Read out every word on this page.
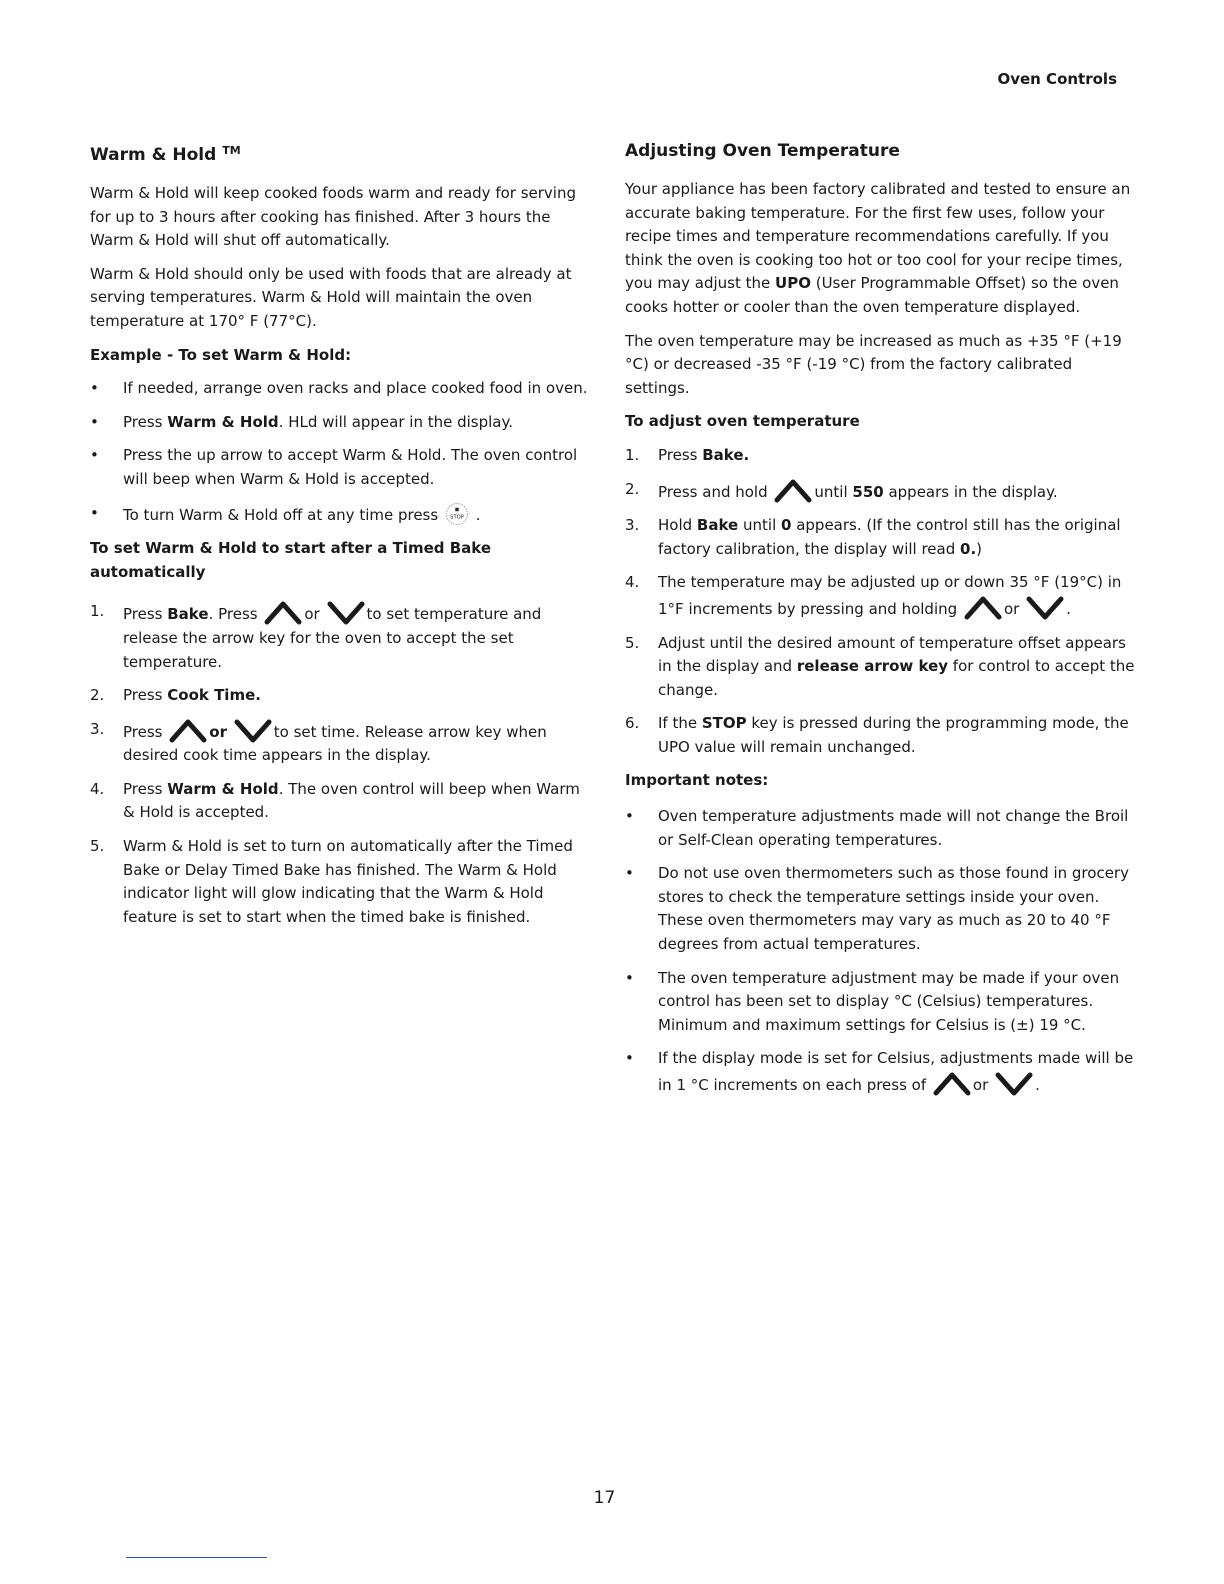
Oven Controls
Warm & Hold ™

Warm & Hold will keep cooked foods warm and ready for serving for up to 3 hours after cooking has finished. After 3 hours the Warm & Hold will shut off automatically.

Warm & Hold should only be used with foods that are already at serving temperatures. Warm & Hold will maintain the oven temperature at 170° F (77°C).

Example - To set Warm & Hold:
• If needed, arrange oven racks and place cooked food in oven.
• Press Warm & Hold. HLd will appear in the display.
• Press the up arrow to accept Warm & Hold. The oven control will beep when Warm & Hold is accepted.
• To turn Warm & Hold off at any time press STOP .
To set Warm & Hold to start after a Timed Bake automatically
1. Press Bake. Press	or	to set temperature and release the arrow key for the oven to accept the set temperature.
2. Press Cook Time.
3. Press	or	to set time. Release arrow key when desired cook time appears in the display.
4. Press Warm & Hold. The oven control will beep when Warm & Hold is accepted.
5. Warm & Hold is set to turn on automatically after the Timed Bake or Delay Timed Bake has finished. The Warm & Hold indicator light will glow indicating that the Warm & Hold feature is set to start when the timed bake is finished.
Adjusting Oven Temperature

Your appliance has been factory calibrated and tested to ensure an accurate baking temperature. For the first few uses, follow your recipe times and temperature recommendations carefully. If you think the oven is cooking too hot or too cool for your recipe times, you may adjust the UPO (User Programmable Offset) so the oven cooks hotter or cooler than the oven temperature displayed.

The oven temperature may be increased as much as +35 °F (+19 °C) or decreased -35 °F (-19 °C) from the factory calibrated settings.

To adjust oven temperature
1. Press Bake.
2. Press and hold	until 550 appears in the display.
3. Hold Bake until 0 appears. (If the control still has the original factory calibration, the display will read 0.)
4. The temperature may be adjusted up or down 35 °F (19°C) in 1°F increments by pressing and holding	or	.
5. Adjust until the desired amount of temperature offset appears in the display and release arrow key for control to accept the change.
6. If the STOP key is pressed during the programming mode, the UPO value will remain unchanged.
Important notes:
• Oven temperature adjustments made will not change the Broil or Self-Clean operating temperatures.
• Do not use oven thermometers such as those found in grocery stores to check the temperature settings inside your oven. These oven thermometers may vary as much as 20 to 40 °F degrees from actual temperatures.
• The oven temperature adjustment may be made if your oven control has been set to display °C (Celsius) temperatures. Minimum and maximum settings for Celsius is (±) 19 °C.
• If the display mode is set for Celsius, adjustments made will be in 1 °C increments on each press of	or	.
17
